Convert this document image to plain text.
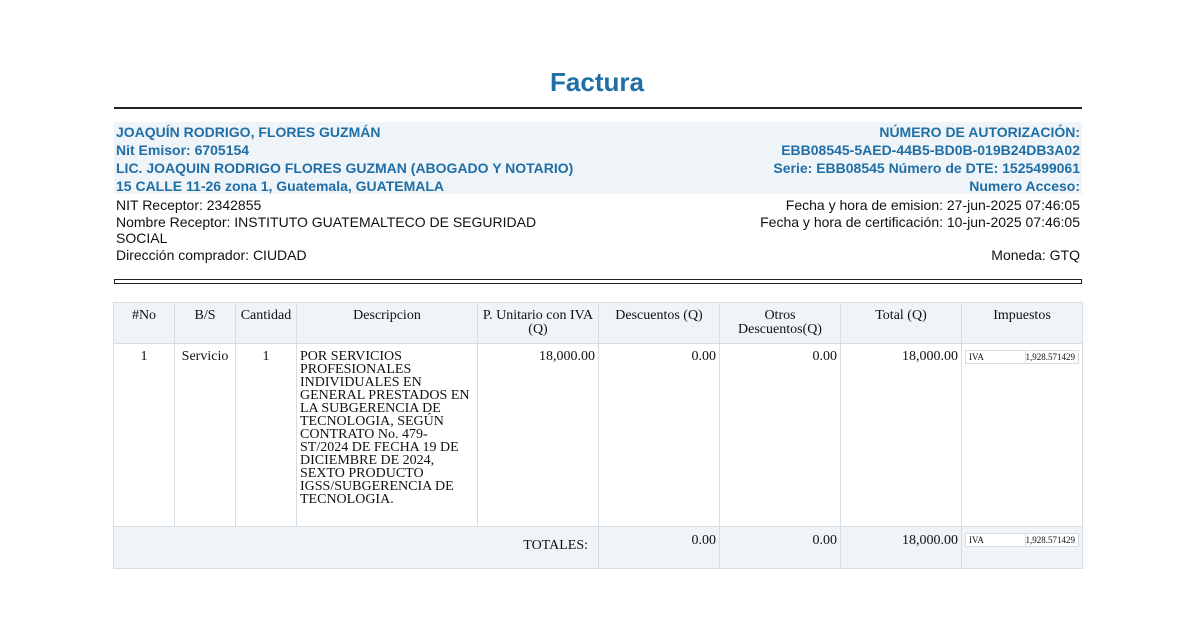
Factura
JOAQUÍN RODRIGO, FLORES GUZMÁN
Nit Emisor: 6705154
LIC. JOAQUIN RODRIGO FLORES GUZMAN (ABOGADO Y NOTARIO)
15 CALLE 11-26 zona 1, Guatemala, GUATEMALA
NÚMERO DE AUTORIZACIÓN:
EBB08545-5AED-44B5-BD0B-019B24DB3A02
Serie: EBB08545 Número de DTE: 1525499061
Numero Acceso:
NIT Receptor: 2342855
Nombre Receptor: INSTITUTO GUATEMALTECO DE SEGURIDAD SOCIAL
Dirección comprador: CIUDAD
Fecha y hora de emision: 27-jun-2025 07:46:05
Fecha y hora de certificación: 10-jun-2025 07:46:05
Moneda: GTQ
#No	B/S	Cantidad	Descripcion	P. Unitario con IVA (Q)	Descuentos (Q)	Otros Descuentos(Q)	Total (Q)	Impuestos
1	Servicio	1	POR SERVICIOS PROFESIONALES INDIVIDUALES EN GENERAL PRESTADOS EN LA SUBGERENCIA DE TECNOLOGIA, SEGÚN CONTRATO No. 479-ST/2024 DE FECHA 19 DE DICIEMBRE DE 2024, SEXTO PRODUCTO IGSS/SUBGERENCIA DE TECNOLOGIA.	18,000.00	0.00	0.00	18,000.00	IVA 1,928.571429

TOTALES:					0.00	0.00	18,000.00	IVA 1,928.571429
